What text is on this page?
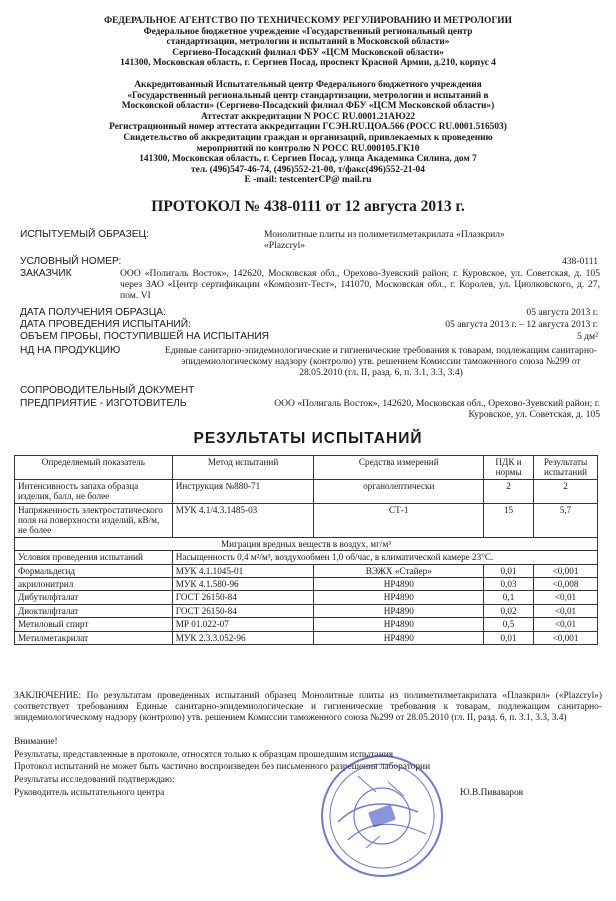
ФЕДЕРАЛЬНОЕ АГЕНТСТВО ПО ТЕХНИЧЕСКОМУ РЕГУЛИРОВАНИЮ И МЕТРОЛОГИИ
Федеральное бюджетное учреждение «Государственный региональный центр
стандартизации, метрологии и испытаний в Московской области»
Сергиево-Посадский филиал ФБУ «ЦСМ Московской области»
141300, Московская область, г. Сергиев Посад, проспект Красной Армии, д.210, корпус 4
Аккредитованный Испытательный центр Федерального бюджетного учреждения
«Государственный региональный центр стандартизации, метрологии и испытаний в
Московской области» (Сергиево-Посадский филиал ФБУ «ЦСМ Московской области»)
Аттестат аккредитации N РОСС RU.0001.21АЮ22
Регистрационный номер аттестата аккредитации ГСЭН.RU.ЦОА.566 (РОСС RU.0001.516503)
Свидетельство об аккредитации граждан и организаций, привлекаемых к проведению
мероприятий по контролю N РОСС RU.000105.ГК10
141300, Московская область, г. Сергиев Посад, улица Академика Силина, дом 7
тел. (496)547-46-74, (496)552-21-00, т/факс(496)552-21-04
E -mail: testcenterCP@ mail.ru
ПРОТОКОЛ № 438-0111 от 12 августа 2013 г.
ИСПЫТУЕМЫЙ ОБРАЗЕЦ:	Монолитные плиты из полиметилметакрилата «Плазкрил»
«Plazcryl»
УСЛОВНЫЙ НОМЕР:	438-0111
ЗАКАЗЧИК	ООО «Полигаль Восток», 142620, Московская обл., Орехово-Зуевский район; г. Куровское, ул. Советская, д. 105 через ЗАО «Центр сертификации «Композит-Тест», 141070, Московская обл., г. Королев, ул. Циолковского, д. 27, пом. VI
ДАТА ПОЛУЧЕНИЯ ОБРАЗЦА:	05 августа 2013 г.
ДАТА ПРОВЕДЕНИЯ ИСПЫТАНИЙ:	05 августа 2013 г. – 12 августа 2013 г.
ОБЪЕМ ПРОБЫ, ПОСТУПИВШЕЙ НА ИСПЫТАНИЯ	5 дм²
НД НА ПРОДУКЦИЮ	Единые санитарно-эпидемиологические и гигиенические требования к товарам, подлежащим санитарно-эпидемиологическому надзору (контролю) утв. решением Комиссии таможенного союза №299 от 28.05.2010 (гл. II, разд. 6, п. 3.1, 3.3, 3.4)
СОПРОВОДИТЕЛЬНЫЙ ДОКУМЕНТ
ПРЕДПРИЯТИЕ - ИЗГОТОВИТЕЛЬ	ООО «Полигаль Восток», 142620, Московская обл., Орехово-Зуевский район; г. Куровское, ул. Советская, д. 105
РЕЗУЛЬТАТЫ ИСПЫТАНИЙ
Определяемый показатель	Метод испытаний	Средства измерений	ПДК и нормы	Результаты испытаний
Интенсивность запаха образца изделия, балл, не более	Инструкция №880-71	органолептически	2	2
Напряженность электростатического поля на поверхности изделий, кВ/м, не более	МУК 4.1/4.3.1485-03	СТ-1	15	5,7
Миграция вредных веществ в воздух, мг/м³				
Условия проведения испытаний	Насыщенность 0,4 м²/м³, воздухообмен 1,0 об/час, в климатической камере 23°С.			
Формальдегид	МУК 4.1.1045-01	ВЭЖХ «Стайер»	0,01	<0,001
акрилонитрил	МУК 4.1.580-96	HP4890	0,03	<0,008
Дибутилфталат	ГОСТ 26150-84	HP4890	0,1	<0,01
Диоктилфталат	ГОСТ 26150-84	HP4890	0,02	<0,01
Метиловый спирт	МР 01.022-07	HP4890	0,5	<0,01
Метилметакрилат	МУК 2.3.3.052-96	HP4890	0,01	<0,001
ЗАКЛЮЧЕНИЕ: По результатам проведенных испытаний образец Монолитные плиты из полиметилметакрилата «Плазкрил» («Plazcryl») соответствует требованиям Единые санитарно-эпидемиологические и гигиенические требования к товарам, подлежащим санитарно-эпидемиологическому надзору (контролю) утв. решением Комиссии таможенного союза №299 от 28.05.2010 (гл. II, разд. 6, п. 3.1, 3.3, 3.4)
Внимание!
Результаты, представленные в протоколе, относятся только к образцам прошедшим испытания
Протокол испытаний не может быть частично воспроизведен без письменного разрешения лаборатории
Результаты исследований подтверждаю:
Руководитель испытательного центра	Ю.В.Пиваваров
